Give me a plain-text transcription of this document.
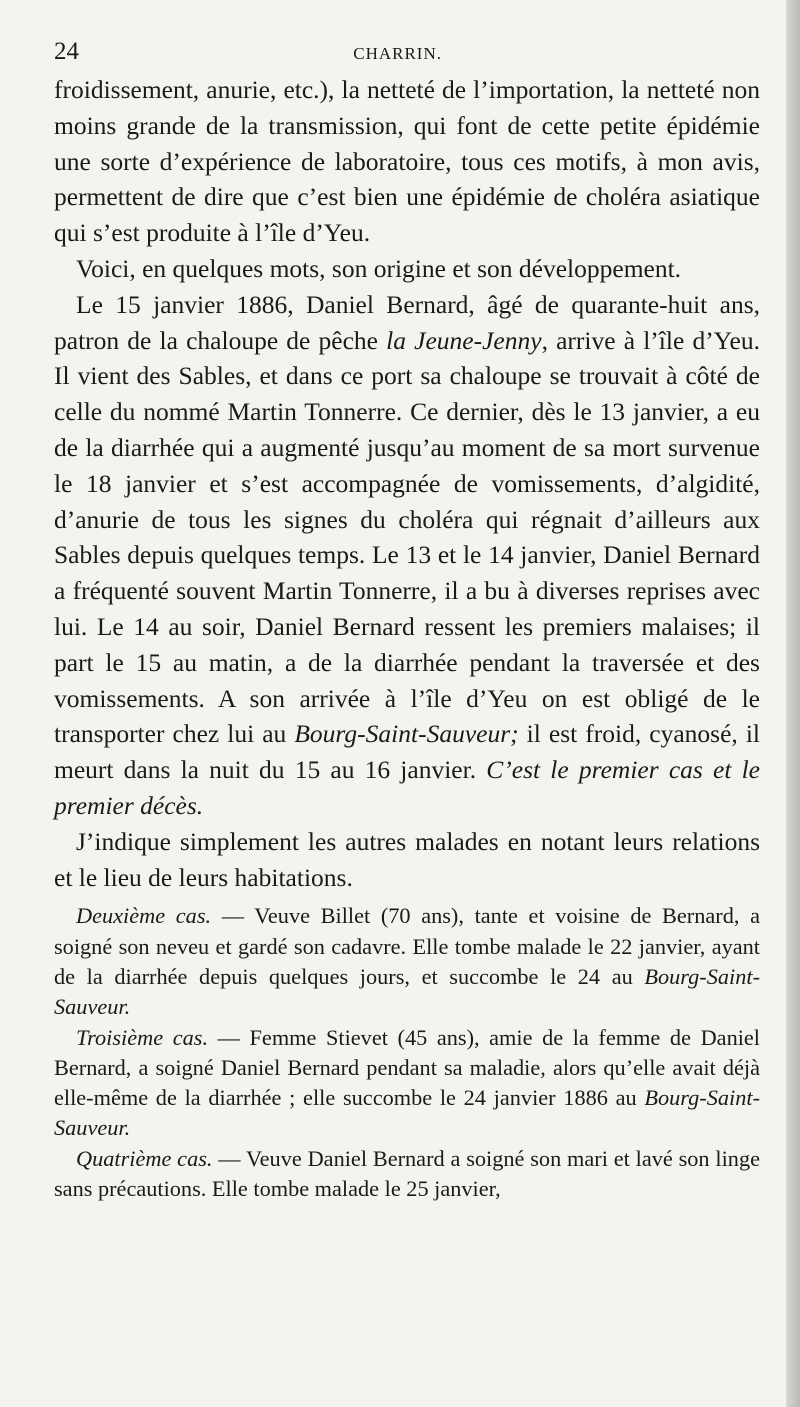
24	CHARRIN.

froidissement, anurie, etc.), la netteté de l’importation, la netteté non moins grande de la transmission, qui font de cette petite épidémie une sorte d’expérience de laboratoire, tous ces motifs, à mon avis, permettent de dire que c’est bien une épidémie de choléra asiatique qui s’est produite à l’île d’Yeu.

Voici, en quelques mots, son origine et son développement.

Le 15 janvier 1886, Daniel Bernard, âgé de quarante-huit ans, patron de la chaloupe de pêche la Jeune-Jenny, arrive à l’île d’Yeu. Il vient des Sables, et dans ce port sa chaloupe se trouvait à côté de celle du nommé Martin Tonnerre. Ce dernier, dès le 13 janvier, a eu de la diarrhée qui a augmenté jusqu’au moment de sa mort survenue le 18 janvier et s’est accompagnée de vomissements, d’algidité, d’anurie de tous les signes du choléra qui régnait d’ailleurs aux Sables depuis quelques temps. Le 13 et le 14 janvier, Daniel Bernard a fréquenté souvent Martin Tonnerre, il a bu à diverses reprises avec lui. Le 14 au soir, Daniel Bernard ressent les premiers malaises; il part le 15 au matin, a de la diarrhée pendant la traversée et des vomissements. A son arrivée à l’île d’Yeu on est obligé de le transporter chez lui au Bourg-Saint-Sauveur; il est froid, cyanosé, il meurt dans la nuit du 15 au 16 janvier. C’est le premier cas et le premier décès.

J’indique simplement les autres malades en notant leurs relations et le lieu de leurs habitations.

Deuxième cas. — Veuve Billet (70 ans), tante et voisine de Bernard, a soigné son neveu et gardé son cadavre. Elle tombe malade le 22 janvier, ayant de la diarrhée depuis quelques jours, et succombe le 24 au Bourg-Saint-Sauveur.

Troisième cas. — Femme Stievet (45 ans), amie de la femme de Daniel Bernard, a soigné Daniel Bernard pendant sa maladie, alors qu’elle avait déjà elle-même de la diarrhée ; elle succombe le 24 janvier 1886 au Bourg-Saint-Sauveur.

Quatrième cas. — Veuve Daniel Bernard a soigné son mari et lavé son linge sans précautions. Elle tombe malade le 25 janvier,
